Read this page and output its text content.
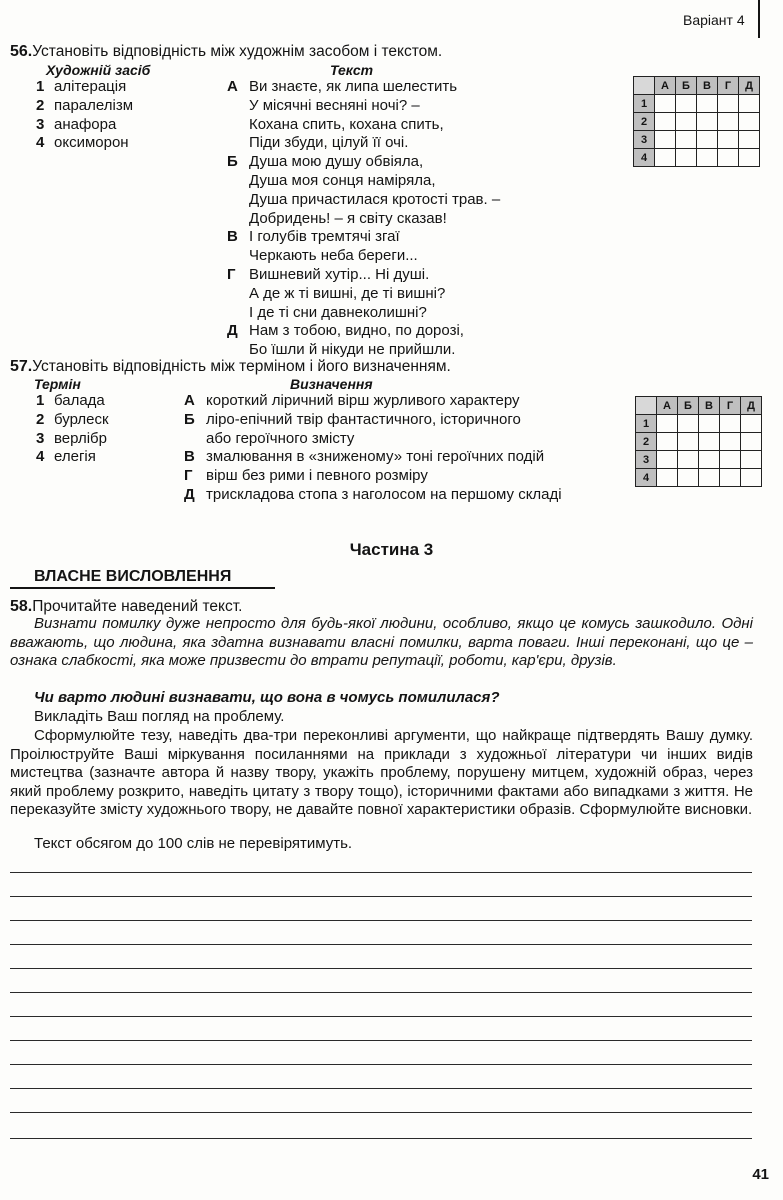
Варіант 4
56.Установіть відповідність між художнім засобом і текстом.
Художній засіб	Текст
1 алітерація
2 паралелізм
3 анафора
4 оксиморон
А Ви знаєте, як липа шелестить
У місячні весняні ночі? –
Кохана спить, кохана спить,
Піди збуди, цілуй її очі.
Б Душа мою душу обвіяла,
Душа моя сонця наміряла,
Душа причастилася кротості трав. –
Добридень! – я світу сказав!
В І голубів тремтячі згаї
Черкають неба береги...
Г Вишневий хутір... Ні душі.
А де ж ті вишні, де ті вишні?
І де ті сни давнеколишні?
Д Нам з тобою, видно, по дорозі,
Бо їшли й нікуди не прийшли.
	А	Б	В	Г	Д
1					
2					
3					
4					
57.Установіть відповідність між терміном і його визначенням.
Термін	Визначення
1 балада
2 бурлеск
3 верлібр
4 елегія
А короткий ліричний вірш журливого характеру
Б ліро-епічний твір фантастичного, історичного
або героїчного змісту
В змалювання в «зниженому» тоні героїчних подій
Г вірш без рими і певного розміру
Д трискладова стопа з наголосом на першому складі
	А	Б	В	Г	Д
1					
2					
3					
4					
Частина 3
ВЛАСНЕ ВИСЛОВЛЕННЯ
58.Прочитайте наведений текст.
Визнати помилку дуже непросто для будь-якої людини, особливо, якщо це комусь зашкодило. Одні вважають, що людина, яка здатна визнавати власні помилки, варта поваги. Інші переконані, що це – ознака слабкості, яка може призвести до втрати репутації, роботи, кар'єри, друзів.
Чи варто людині визнавати, що вона в чомусь помилилася?
Викладіть Ваш погляд на проблему.
Сформулюйте тезу, наведіть два-три переконливі аргументи, що найкраще підтвердять Вашу думку. Проілюструйте Ваші міркування посиланнями на приклади з художньої літератури чи інших видів мистецтва (зазначте автора й назву твору, укажіть проблему, порушену митцем, художній образ, через який проблему розкрито, наведіть цитату з твору тощо), історичними фактами або випадками з життя. Не переказуйте змісту художнього твору, не давайте повної характеристики образів. Сформулюйте висновки.
Текст обсягом до 100 слів не перевірятимуть.
41
